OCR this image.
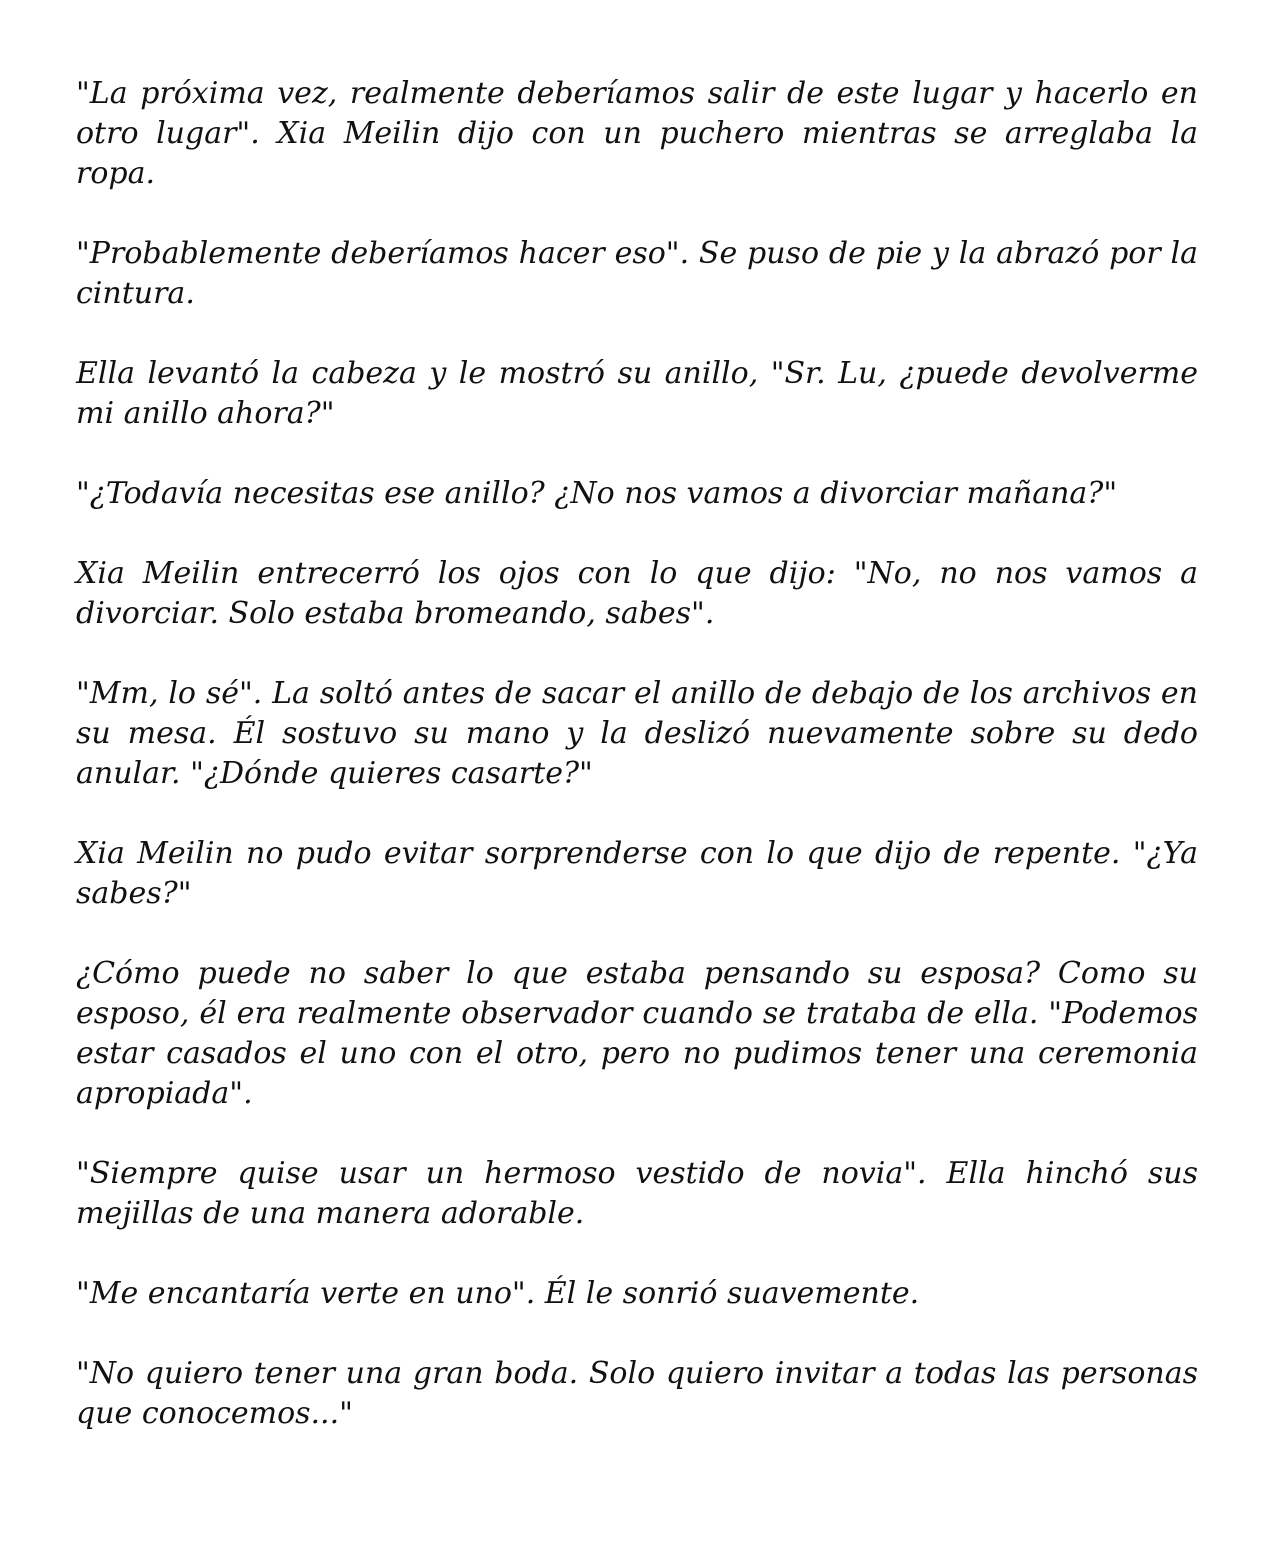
"La próxima vez, realmente deberíamos salir de este lugar y hacerlo en otro lugar". Xia Meilin dijo con un puchero mientras se arreglaba la ropa.

"Probablemente deberíamos hacer eso". Se puso de pie y la abrazó por la cintura.

Ella levantó la cabeza y le mostró su anillo, "Sr. Lu, ¿puede devolverme mi anillo ahora?"

"¿Todavía necesitas ese anillo? ¿No nos vamos a divorciar mañana?"

Xia Meilin entrecerró los ojos con lo que dijo: "No, no nos vamos a divorciar. Solo estaba bromeando, sabes".

"Mm, lo sé". La soltó antes de sacar el anillo de debajo de los archivos en su mesa. Él sostuvo su mano y la deslizó nuevamente sobre su dedo anular. "¿Dónde quieres casarte?"

Xia Meilin no pudo evitar sorprenderse con lo que dijo de repente. "¿Ya sabes?"

¿Cómo puede no saber lo que estaba pensando su esposa? Como su esposo, él era realmente observador cuando se trataba de ella. "Podemos estar casados el uno con el otro, pero no pudimos tener una ceremonia apropiada".

"Siempre quise usar un hermoso vestido de novia". Ella hinchó sus mejillas de una manera adorable.

"Me encantaría verte en uno". Él le sonrió suavemente.

"No quiero tener una gran boda. Solo quiero invitar a todas las personas que conocemos..."
